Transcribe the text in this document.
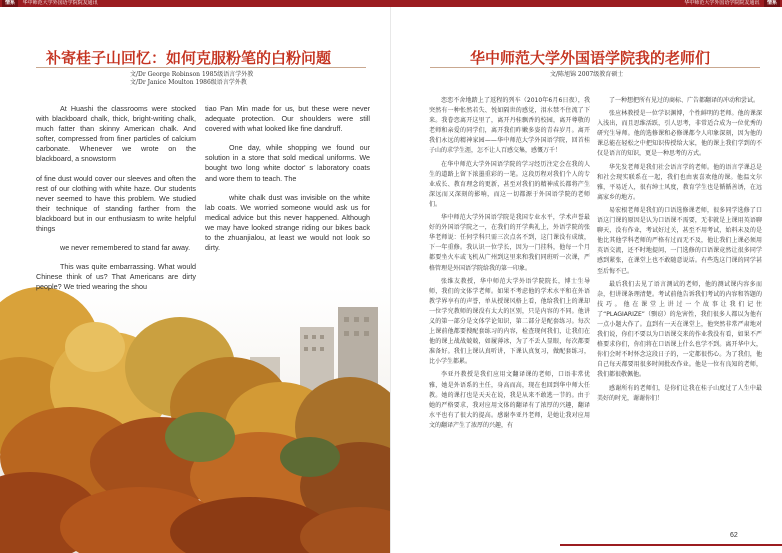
情系 华中师范大学外国语学院院友通讯	华中师范大学外国语学院院友通讯 情系
补寄桂子山回忆：如何克服粉笔的白粉问题
文/Dr George Robinson 1985级语言学外教
文/Dr Janice Moulton 1986级语言学外教

At Huashi the classrooms were stocked with blackboard chalk, thick, bright-writing chalk, much fatter than skinny American chalk. And softer, compressed from finer particles of calcium carbonate. Whenever we wrote on the blackboard, a snowstorm

of fine dust would cover our sleeves and often the rest of our clothing with white haze. Our students never seemed to have this problem. We studied their technique of standing farther from the blackboard but in our enthusiasm to write helpful things

we never remembered to stand far away.

This was quite embarrassing. What would Chinese think of us? That Americans are dirty people? We tried wearing the shou

tiao Pan Min made for us, but these were never adequate protection. Our shoulders were still covered with what looked like fine dandruff.

One day, while shopping we found our solution in a store that sold medical uniforms. We bought two long white doctor' s laboratory coats and wore them to teach. The

white chalk dust was invisible on the white lab coats. We worried someone would ask us for medical advice but this never happened. Although we may have looked strange riding our bikes back to the zhuanjialou, at least we would not look so dirty.

华中师范大学外国语学院我的老师们
文/陈旭锦 2007级教育硕士

恋恋不舍地踏上了返程的列车（2010年6月6日夜），我突然有一种怅然若失、悦如隔世的感觉，泪水禁不住流了下来。我眷恋离开这里了，离开丹桂飘香的校园，离开尊敬的老师和亲爱的同学们，离开我们昨嫩多姿的青春岁月。离开我们永远的精神家园——华中师范大学外国语学院，回首桂子山的求学生涯，怎不让人百感交集，感慨万千！

在华中师范大学外国语学院的学习经历注定会在我的人生的道路上留下浓墨重彩的一笔。这段历程对我们个人的专业成长、教育理念的更新，甚至对我们的精神成长都将产生深远而又深刻的影响，而这一切都源于外国语学院的老师们。

华中师范大学外国语学院是我国专业水平，学术声誉最好的外国语学院之一，在我们的开学典礼上，外语学院的张华老师说：任何学科只需三次点名不到，这门课没有成绩，下一年重修。我认识一位学长，因为一门挂科，他每一个月都要坐火车或飞机从广州到这里来和我们同班听一次课，严格管理是外国语学院给我的第一印象。

张维友教授，华中师范大学外语学院院长，博士生导师，我们的文体学老师。如果不考虑他的学术水平和在外语教学界享有的声誉，单从授课风格上看，他给我们上的课却一位学究教师的课没有太大的区别，只是内容的不同。他讲义的第一部分是文体学论知识，第二部分是配套练习。每次上课前他都要搜配套练习的内容，检查现何我们，让我们在他的课上战战兢兢，如履薄冰，为了不丢人显眼，每次都要准备好。我们上课认真听讲，下课认真复习，做配套练习，比小学生都累。

李亚丹教授是我们应用文翻译课的老师，口语非常优雅，她是外语系的主任，身高而高，现在也回到华中师大任教。她的课打也是天天在说，我是从来不敢逃一节的。由于她的严格要求，我对应用文体的翻译有了浓厚的兴趣，翻译水平也有了很大的提高。感谢李亚丹老师，是她让我对应用文的翻译产生了浓厚的兴趣，有

了一种想把所有见过的商标、广告都翻译的冲动和尝试。

张应林教授是一位学识渊博，个性鲜明的老师。他的课深入浅出，而且思维活跃，引人思考，非常适合成为一位优秀的研究生导师。他的选修课和必修课都令人印象深刻，因为他的课总能在轻松之中把知识传授给大家，他的课上我们学到的不仅是语言的知识，更是一种思考的方式。

华先发老师是我们社会语言学的老师。他的语言学课总是和社会现实联系在一起，我们也由衷喜欢他的课。他温文尔雅，平易近人，很有绅士风度，教育学生也是循循善诱，在远离家乡的地方。

易宏根老师是我们的口语选修课老师，很多同学选修了口语这门课的原因是认为口语课不需要，无非就是上课用英语聊聊天，没有作业，考试好过关，甚至不用考试，始料未及的是他比其他学科老师的严格有过而无不及，他让我们上课必须用英语交流，还不时地提问，一门选修的口语课竟然让很多同学感到紧张，在课堂上也不敢随意说话。有些选这门课的同学甚至后悔不已。

最后我们去见了语言测试的老师，他的测试课内容多而杂，但讲课条理清楚。考试前他告诉我们考试的内容和答题的技巧。他在课堂上讲过一个故事让我们记住了“PLAGIARIZE”（剽窃）的危害性，我们很多人都以为他有一点小题大作了。直到有一天在课堂上，他突然非常严肃地对我们说，你们不要以为口语课交来的作业我没有看，如果不严格要求你们，你们将在口语课上什么也学不到。离开华中大，你们会时不时怀念这段日子的，一定都很伤心。为了我们，他自己每天都要用很多时间批改作业。他是一位有良知的老师，我们都很敬佩他。

感谢所有的老师们，是你们让我在桂子山度过了人生中最美好的时光，谢谢你们！

62
